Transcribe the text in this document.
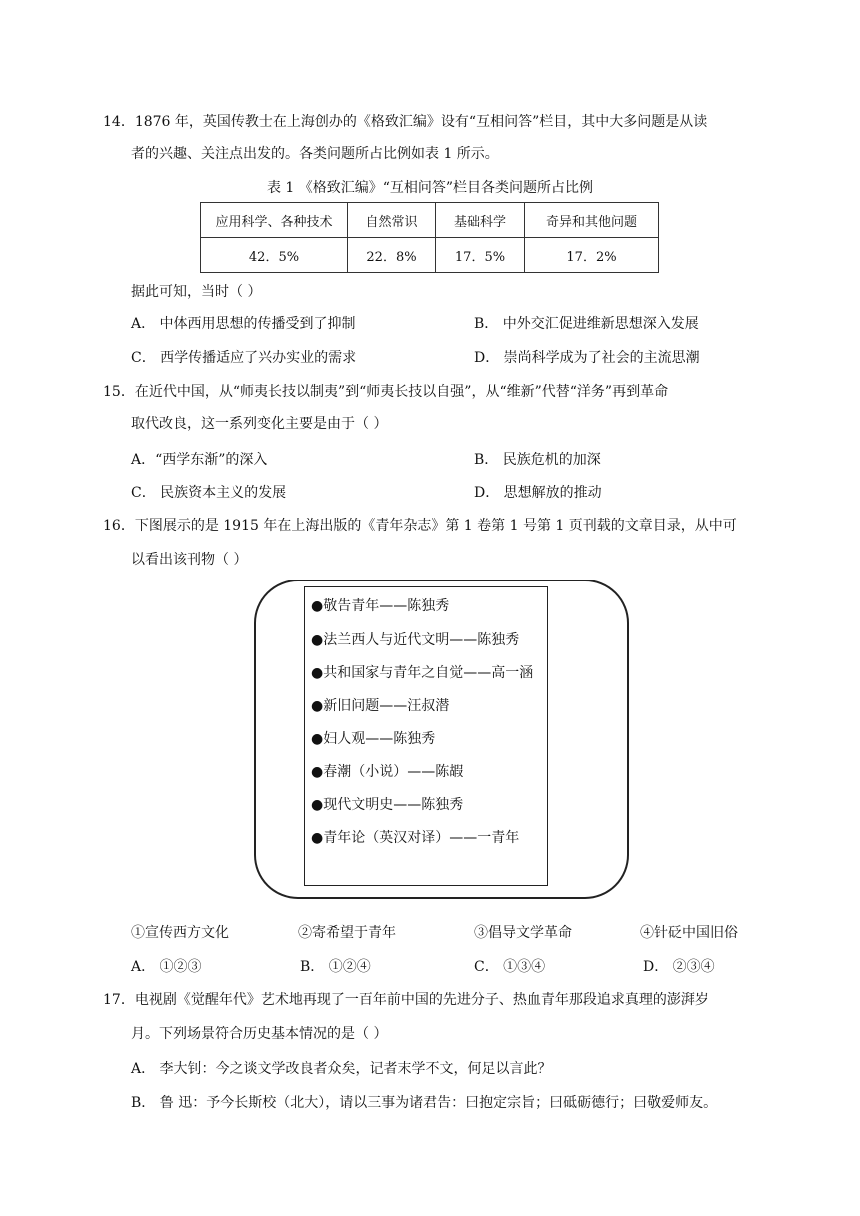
14．1876 年，英国传教士在上海创办的《格致汇编》设有“互相问答”栏目，其中大多问题是从读
者的兴趣、关注点出发的。各类问题所占比例如表 1 所示。
表 1 《格致汇编》“互相问答”栏目各类问题所占比例
应用科学、各种技术	自然常识	基础科学	奇异和其他问题
42．5%	22．8%	17．5%	17．2%
据此可知，当时（ ）
A． 中体西用思想的传播受到了抑制	B． 中外交汇促进维新思想深入发展
C． 西学传播适应了兴办实业的需求	D． 崇尚科学成为了社会的主流思潮
15．在近代中国，从“师夷长技以制夷”到“师夷长技以自强”，从“维新”代替“洋务”再到革命
取代改良，这一系列变化主要是由于（ ）
A．“西学东渐”的深入	B． 民族危机的加深
C． 民族资本主义的发展	D． 思想解放的推动
16．下图展示的是 1915 年在上海出版的《青年杂志》第 1 卷第 1 号第 1 页刊载的文章目录，从中可
以看出该刊物（ ）
●敬告青年——陈独秀
●法兰西人与近代文明——陈独秀
●共和国家与青年之自觉——高一涵
●新旧问题——汪叔潜
●妇人观——陈独秀
●春潮（小说）——陈嘏
●现代文明史——陈独秀
●青年论（英汉对译）——一青年
①宣传西方文化	②寄希望于青年	③倡导文学革命	④针砭中国旧俗
A． ①②③	B． ①②④	C． ①③④	D． ②③④
17．电视剧《觉醒年代》艺术地再现了一百年前中国的先进分子、热血青年那段追求真理的澎湃岁
月。下列场景符合历史基本情况的是（ ）
A． 李大钊：今之谈文学改良者众矣，记者末学不文，何足以言此？
B． 鲁 迅：予今长斯校（北大），请以三事为诸君告：曰抱定宗旨；曰砥砺德行；曰敬爱师友。
